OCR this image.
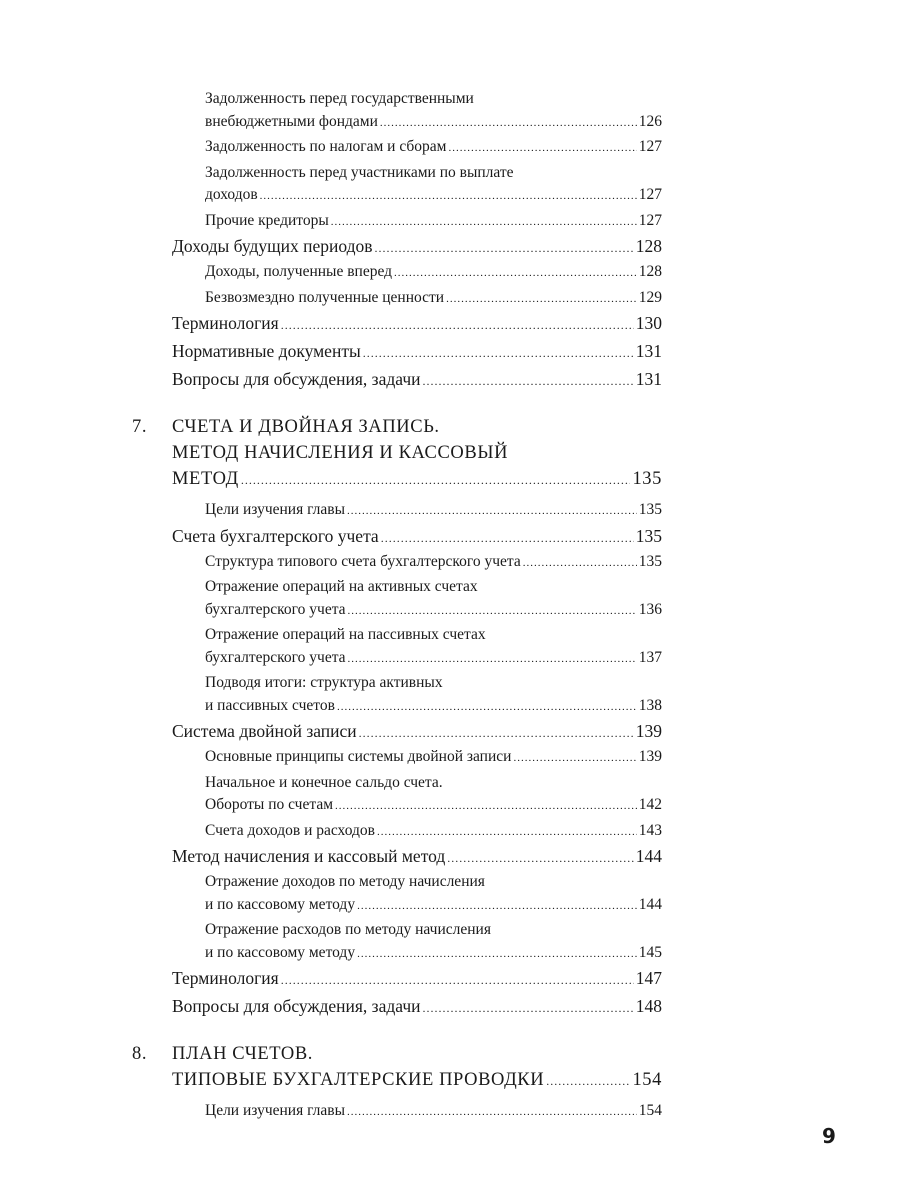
Задолженность перед государственными
внебюджетными фондами .....	126
Задолженность по налогам и сборам .....	127
Задолженность перед участниками по выплате
доходов .....	127
Прочие кредиторы .....	127
Доходы будущих периодов .....	128
Доходы, полученные вперед .....	128
Безвозмездно полученные ценности .....	129
Терминология .....	130
Нормативные документы .....	131
Вопросы для обсуждения, задачи .....	131
7. СЧЕТА И ДВОЙНАЯ ЗАПИСЬ.
МЕТОД НАЧИСЛЕНИЯ И КАССОВЫЙ
МЕТОД .....	135
Цели изучения главы .....	135
Счета бухгалтерского учета .....	135
Структура типового счета бухгалтерского учета .....	135
Отражение операций на активных счетах
бухгалтерского учета .....	136
Отражение операций на пассивных счетах
бухгалтерского учета .....	137
Подводя итоги: структура активных
и пассивных счетов .....	138
Система двойной записи .....	139
Основные принципы системы двойной записи .....	139
Начальное и конечное сальдо счета.
Обороты по счетам .....	142
Счета доходов и расходов .....	143
Метод начисления и кассовый метод .....	144
Отражение доходов по методу начисления
и по кассовому методу .....	144
Отражение расходов по методу начисления
и по кассовому методу .....	145
Терминология .....	147
Вопросы для обсуждения, задачи .....	148
8. ПЛАН СЧЕТОВ.
ТИПОВЫЕ БУХГАЛТЕРСКИЕ ПРОВОДКИ .....	154
Цели изучения главы .....	154
9
